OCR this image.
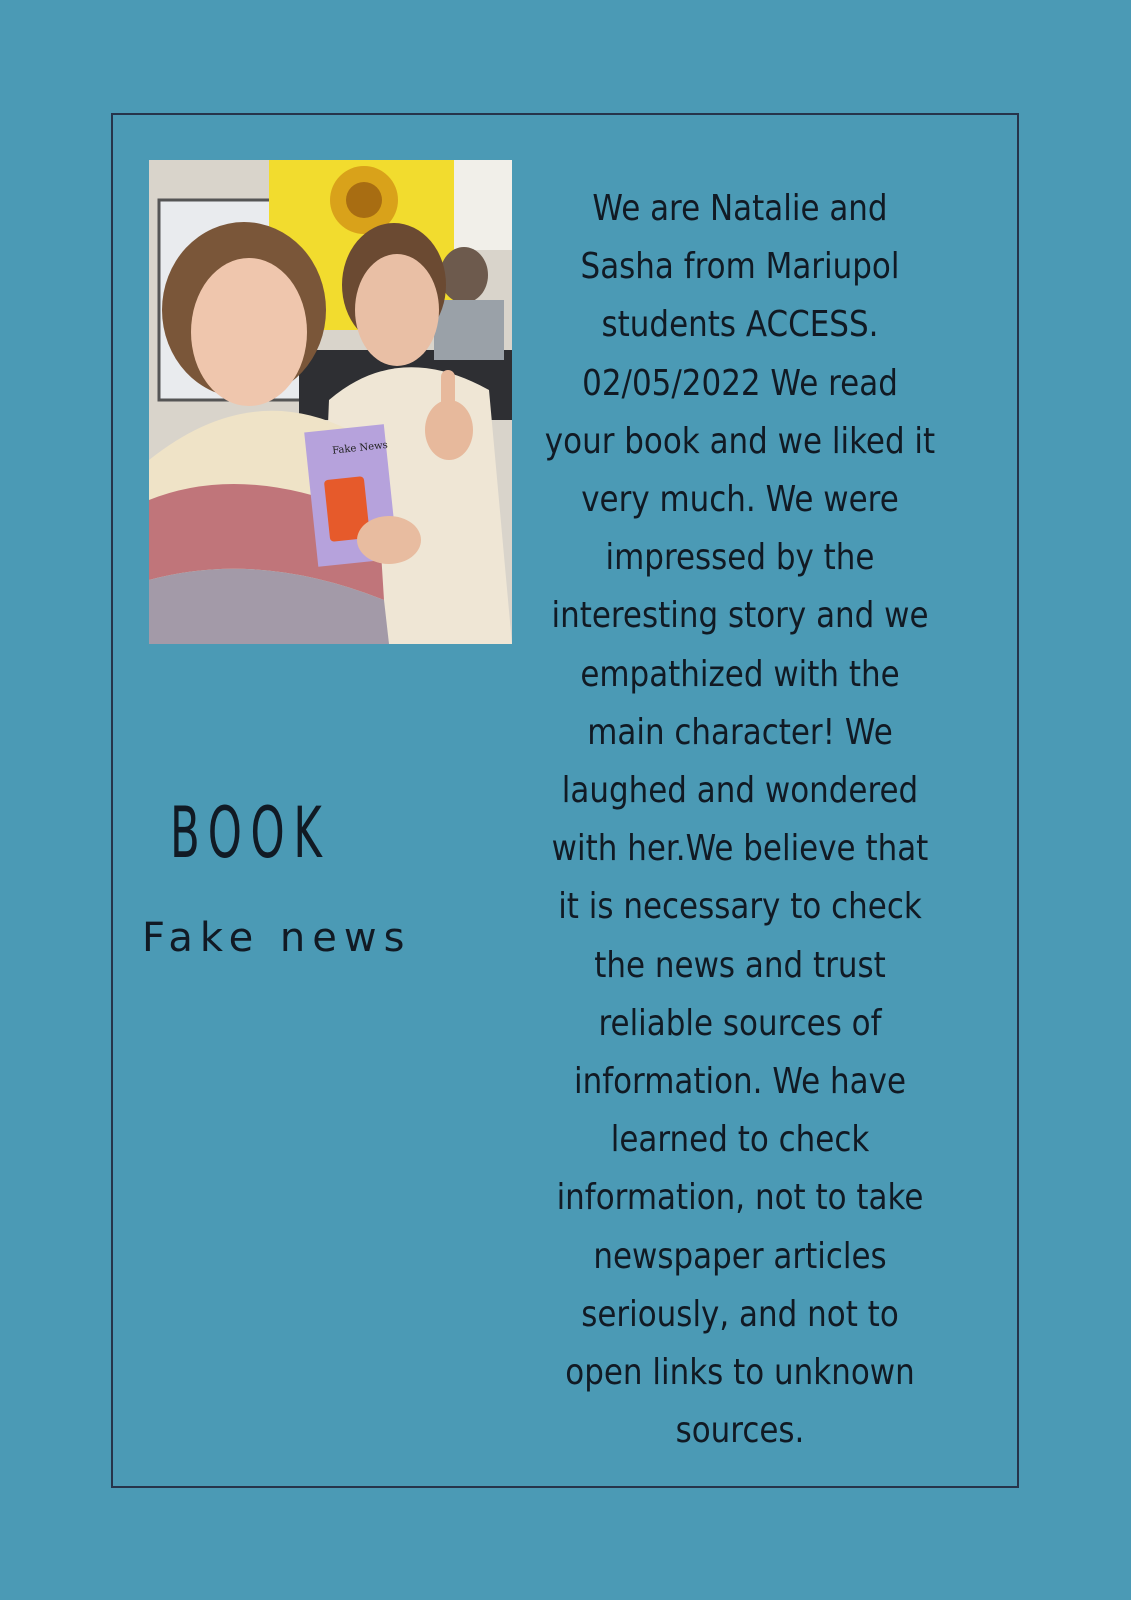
Fake News
BOOK
Fake news
We are Natalie and
Sasha from Mariupol
students ACCESS.
02/05/2022 We read
your book and we liked it
very much. We were
impressed by the
interesting story and we
empathized with the
main character! We
laughed and wondered
with her.We believe that
it is necessary to check
the news and trust
reliable sources of
information. We have
learned to check
information, not to take
newspaper articles
seriously, and not to
open links to unknown
sources.
